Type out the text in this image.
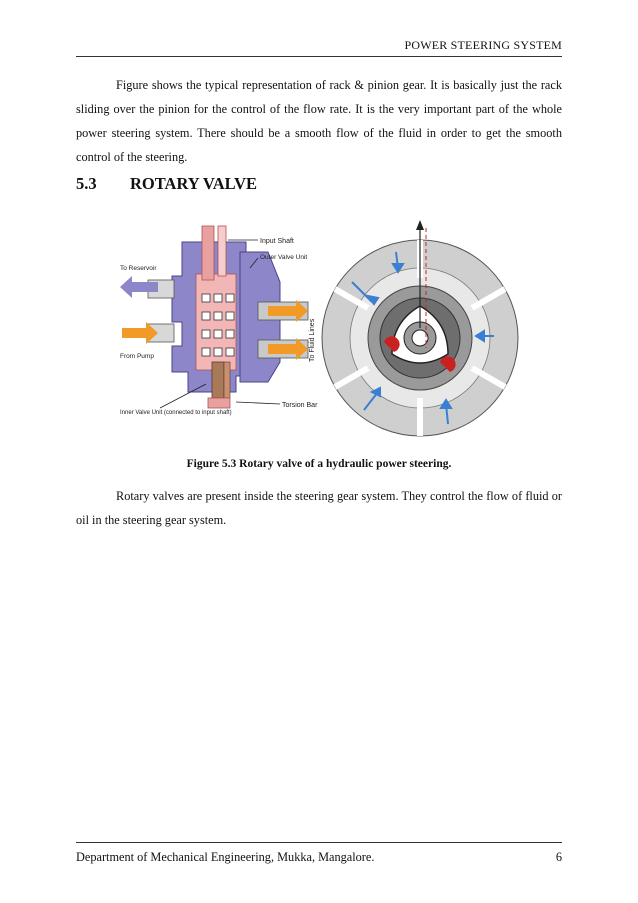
POWER STEERING SYSTEM

Figure shows the typical representation of rack & pinion gear. It is basically just the rack sliding over the pinion for the control of the flow rate. It is the very important part of the whole power steering system. There should be a smooth flow of the fluid in order to get the smooth control of the steering.

5.3 ROTARY VALVE
Input Shaft
Outer Valve Unit
To Reservoir
From Pump	To Fluid Lines
Torsion Bar
Inner Valve Unit (connected to input shaft)
Figure 5.3 Rotary valve of a hydraulic power steering.

Rotary valves are present inside the steering gear system. They control the flow of fluid or oil in the steering gear system.

Department of Mechanical Engineering, Mukka, Mangalore.	6
